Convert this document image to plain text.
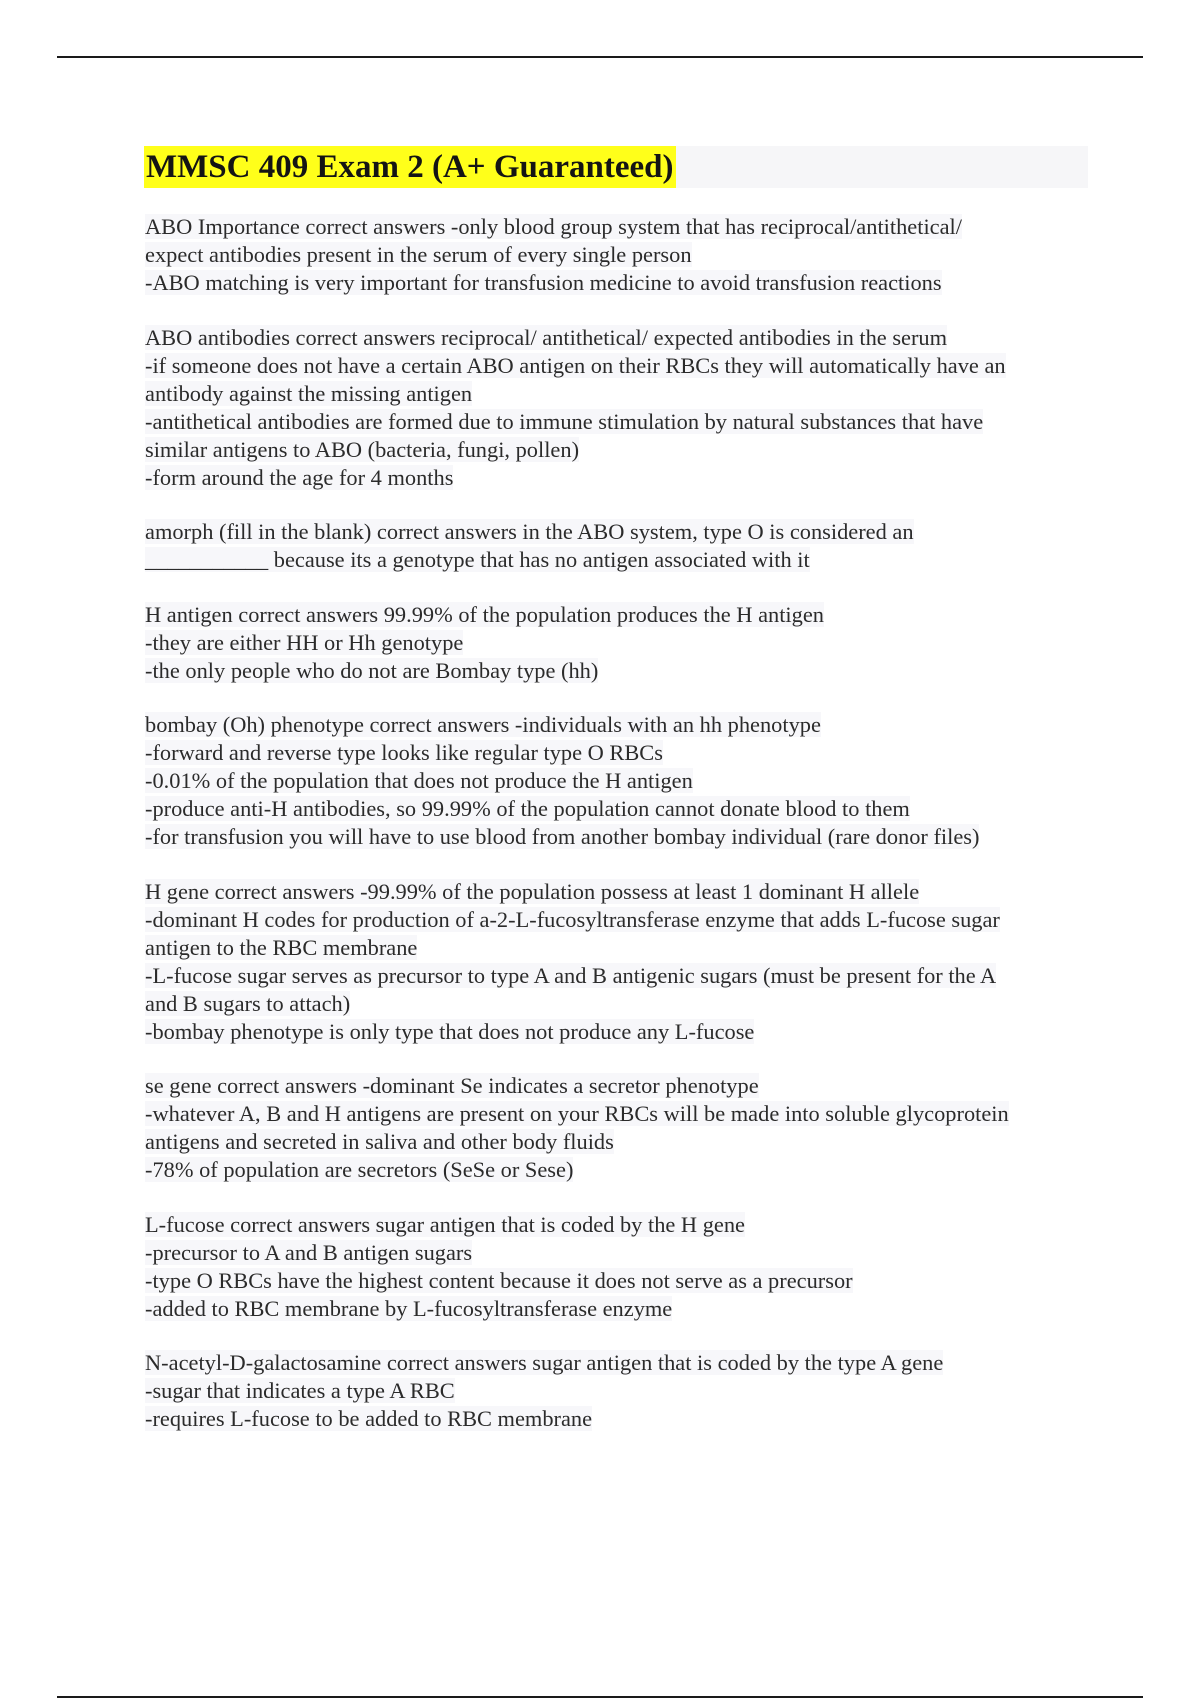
MMSC 409 Exam 2 (A+ Guaranteed)
ABO Importance correct answers -only blood group system that has reciprocal/antithetical/
expect antibodies present in the serum of every single person
-ABO matching is very important for transfusion medicine to avoid transfusion reactions
ABO antibodies correct answers reciprocal/ antithetical/ expected antibodies in the serum
-if someone does not have a certain ABO antigen on their RBCs they will automatically have an
antibody against the missing antigen
-antithetical antibodies are formed due to immune stimulation by natural substances that have
similar antigens to ABO (bacteria, fungi, pollen)
-form around the age for 4 months
amorph (fill in the blank) correct answers in the ABO system, type O is considered an
___________ because its a genotype that has no antigen associated with it
H antigen correct answers 99.99% of the population produces the H antigen
-they are either HH or Hh genotype
-the only people who do not are Bombay type (hh)
bombay (Oh) phenotype correct answers -individuals with an hh phenotype
-forward and reverse type looks like regular type O RBCs
-0.01% of the population that does not produce the H antigen
-produce anti-H antibodies, so 99.99% of the population cannot donate blood to them
-for transfusion you will have to use blood from another bombay individual (rare donor files)
H gene correct answers -99.99% of the population possess at least 1 dominant H allele
-dominant H codes for production of a-2-L-fucosyltransferase enzyme that adds L-fucose sugar
antigen to the RBC membrane
-L-fucose sugar serves as precursor to type A and B antigenic sugars (must be present for the A
and B sugars to attach)
-bombay phenotype is only type that does not produce any L-fucose
se gene correct answers -dominant Se indicates a secretor phenotype
-whatever A, B and H antigens are present on your RBCs will be made into soluble glycoprotein
antigens and secreted in saliva and other body fluids
-78% of population are secretors (SeSe or Sese)
L-fucose correct answers sugar antigen that is coded by the H gene
-precursor to A and B antigen sugars
-type O RBCs have the highest content because it does not serve as a precursor
-added to RBC membrane by L-fucosyltransferase enzyme
N-acetyl-D-galactosamine correct answers sugar antigen that is coded by the type A gene
-sugar that indicates a type A RBC
-requires L-fucose to be added to RBC membrane
